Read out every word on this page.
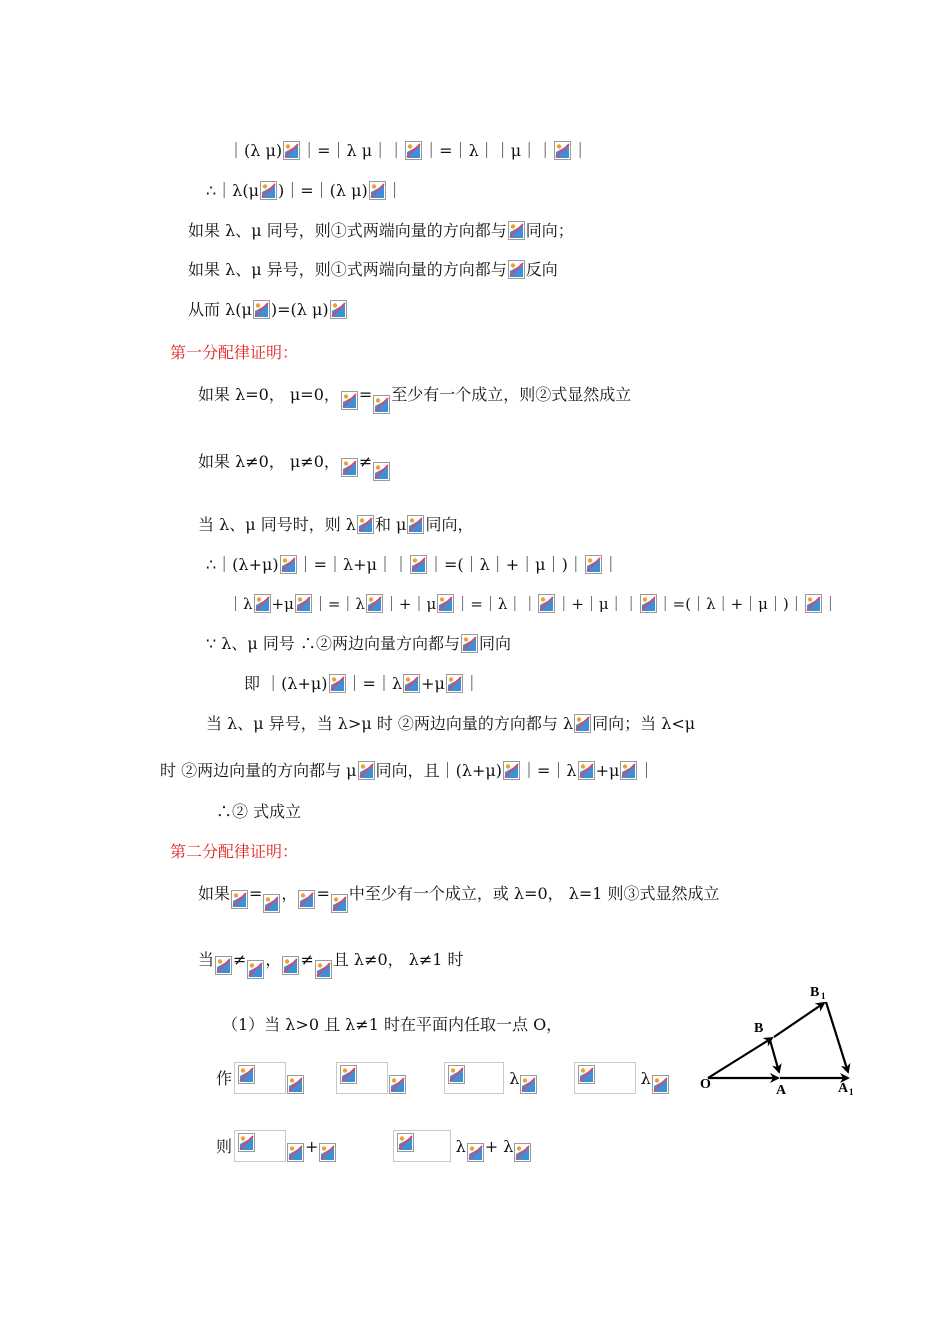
｜(λ μ) ｜=｜λ μ｜｜ ｜=｜λ｜｜μ｜｜ ｜
∴｜λ(μ )｜=｜(λ μ) ｜
如果 λ、μ 同号，则①式两端向量的方向都与 同向；
如果 λ、μ 异号，则①式两端向量的方向都与 反向
从而 λ(μ )=(λ μ)
第一分配律证明：
如果 λ=0， μ=0， = 至少有一个成立，则②式显然成立
如果 λ≠0， μ≠0， ≠
当 λ、μ 同号时，则 λ 和 μ 同向，
∴｜(λ+μ) ｜=｜λ+μ｜｜ ｜=(｜λ｜+｜μ｜)｜ ｜
｜λ +μ ｜=｜λ ｜+｜μ ｜=｜λ｜｜ ｜+｜μ｜｜ ｜=(｜λ｜+｜μ｜)｜ ｜
∵ λ、μ 同号 ∴②两边向量方向都与 同向
即 ｜(λ+μ) ｜=｜λ +μ ｜
当 λ、μ 异号，当 λ>μ 时 ②两边向量的方向都与 λ 同向；当 λ<μ
时 ②两边向量的方向都与 μ 同向，且｜(λ+μ) ｜=｜λ +μ ｜
∴② 式成立
第二分配律证明：
如果 = ， = 中至少有一个成立，或 λ=0， λ=1 则③式显然成立
当 ≠ ， ≠ 且 λ≠0， λ≠1 时
（1）当 λ>0 且 λ≠1 时在平面内任取一点 O，
作

	λ
	λ
则	+
	λ + λ
O	A	A 1
B
B 1
